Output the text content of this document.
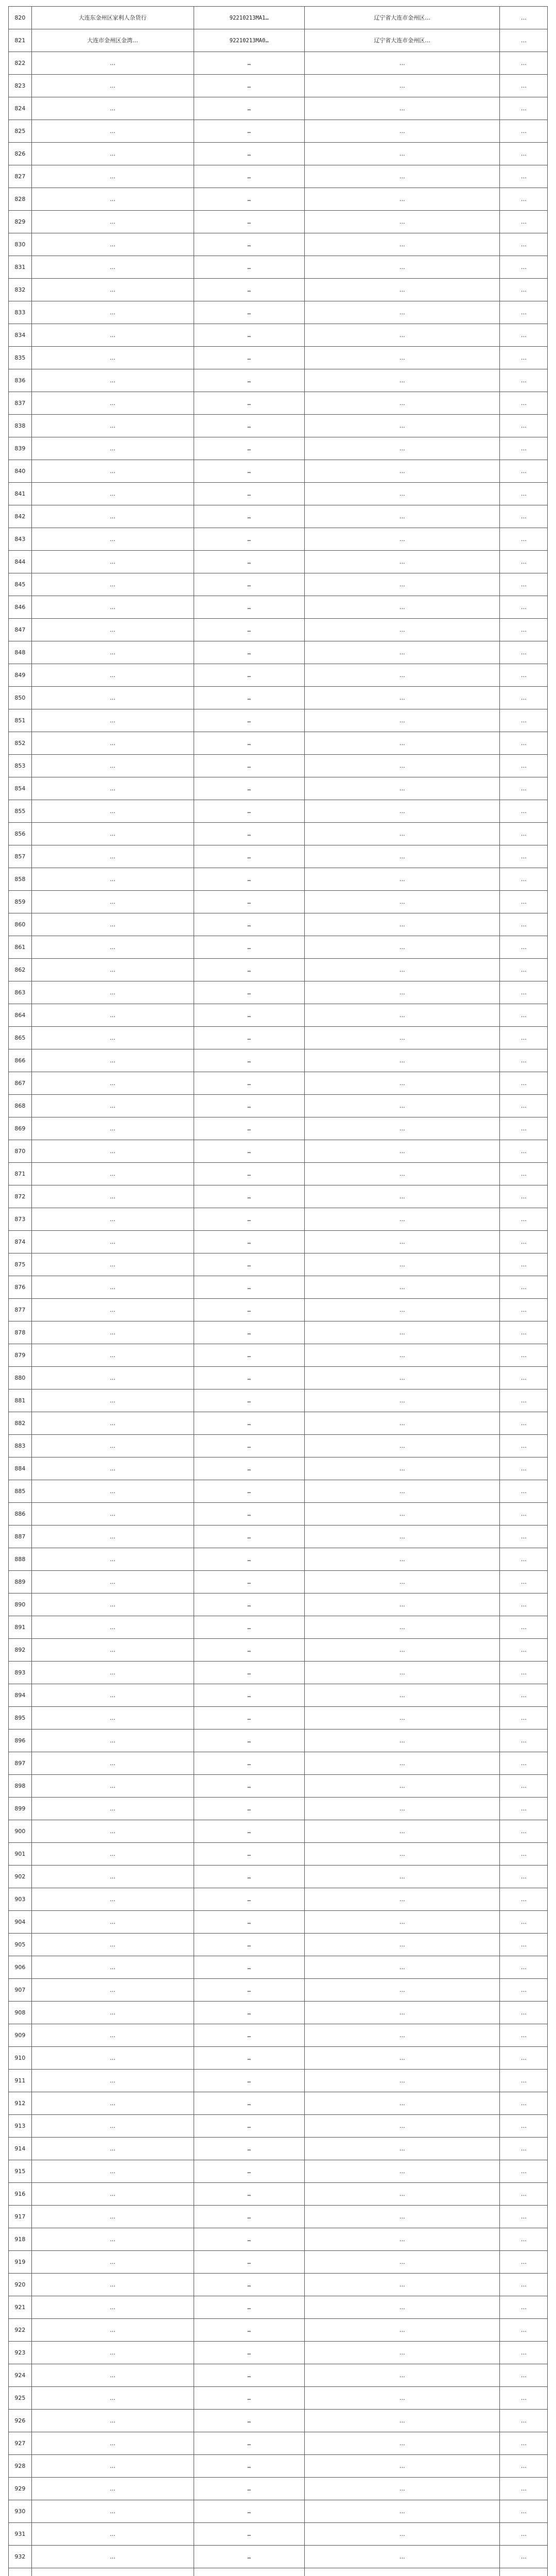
820	大连东金州区家利人杂货行	92210213MA1…	辽宁省大连市金州区…	…
821	大连市金州区金湾…	92210213MA0…	辽宁省大连市金州区…	…
822	…	…	…	…
823	…	…	…	…
824	…	…	…	…
825	…	…	…	…
826	…	…	…	…
827	…	…	…	…
828	…	…	…	…
829	…	…	…	…
830	…	…	…	…
831	…	…	…	…
832	…	…	…	…
833	…	…	…	…
834	…	…	…	…
835	…	…	…	…
836	…	…	…	…
837	…	…	…	…
838	…	…	…	…
839	…	…	…	…
840	…	…	…	…
841	…	…	…	…
842	…	…	…	…
843	…	…	…	…
844	…	…	…	…
845	…	…	…	…
846	…	…	…	…
847	…	…	…	…
848	…	…	…	…
849	…	…	…	…
850	…	…	…	…
851	…	…	…	…
852	…	…	…	…
853	…	…	…	…
854	…	…	…	…
855	…	…	…	…
856	…	…	…	…
857	…	…	…	…
858	…	…	…	…
859	…	…	…	…
860	…	…	…	…
861	…	…	…	…
862	…	…	…	…
863	…	…	…	…
864	…	…	…	…
865	…	…	…	…
866	…	…	…	…
867	…	…	…	…
868	…	…	…	…
869	…	…	…	…
870	…	…	…	…
871	…	…	…	…
872	…	…	…	…
873	…	…	…	…
874	…	…	…	…
875	…	…	…	…
876	…	…	…	…
877	…	…	…	…
878	…	…	…	…
879	…	…	…	…
880	…	…	…	…
881	…	…	…	…
882	…	…	…	…
883	…	…	…	…
884	…	…	…	…
885	…	…	…	…
886	…	…	…	…
887	…	…	…	…
888	…	…	…	…
889	…	…	…	…
890	…	…	…	…
891	…	…	…	…
892	…	…	…	…
893	…	…	…	…
894	…	…	…	…
895	…	…	…	…
896	…	…	…	…
897	…	…	…	…
898	…	…	…	…
899	…	…	…	…
900	…	…	…	…
901	…	…	…	…
902	…	…	…	…
903	…	…	…	…
904	…	…	…	…
905	…	…	…	…
906	…	…	…	…
907	…	…	…	…
908	…	…	…	…
909	…	…	…	…
910	…	…	…	…
911	…	…	…	…
912	…	…	…	…
913	…	…	…	…
914	…	…	…	…
915	…	…	…	…
916	…	…	…	…
917	…	…	…	…
918	…	…	…	…
919	…	…	…	…
920	…	…	…	…
921	…	…	…	…
922	…	…	…	…
923	…	…	…	…
924	…	…	…	…
925	…	…	…	…
926	…	…	…	…
927	…	…	…	…
928	…	…	…	…
929	…	…	…	…
930	…	…	…	…
931	…	…	…	…
932	…	…	…	…
